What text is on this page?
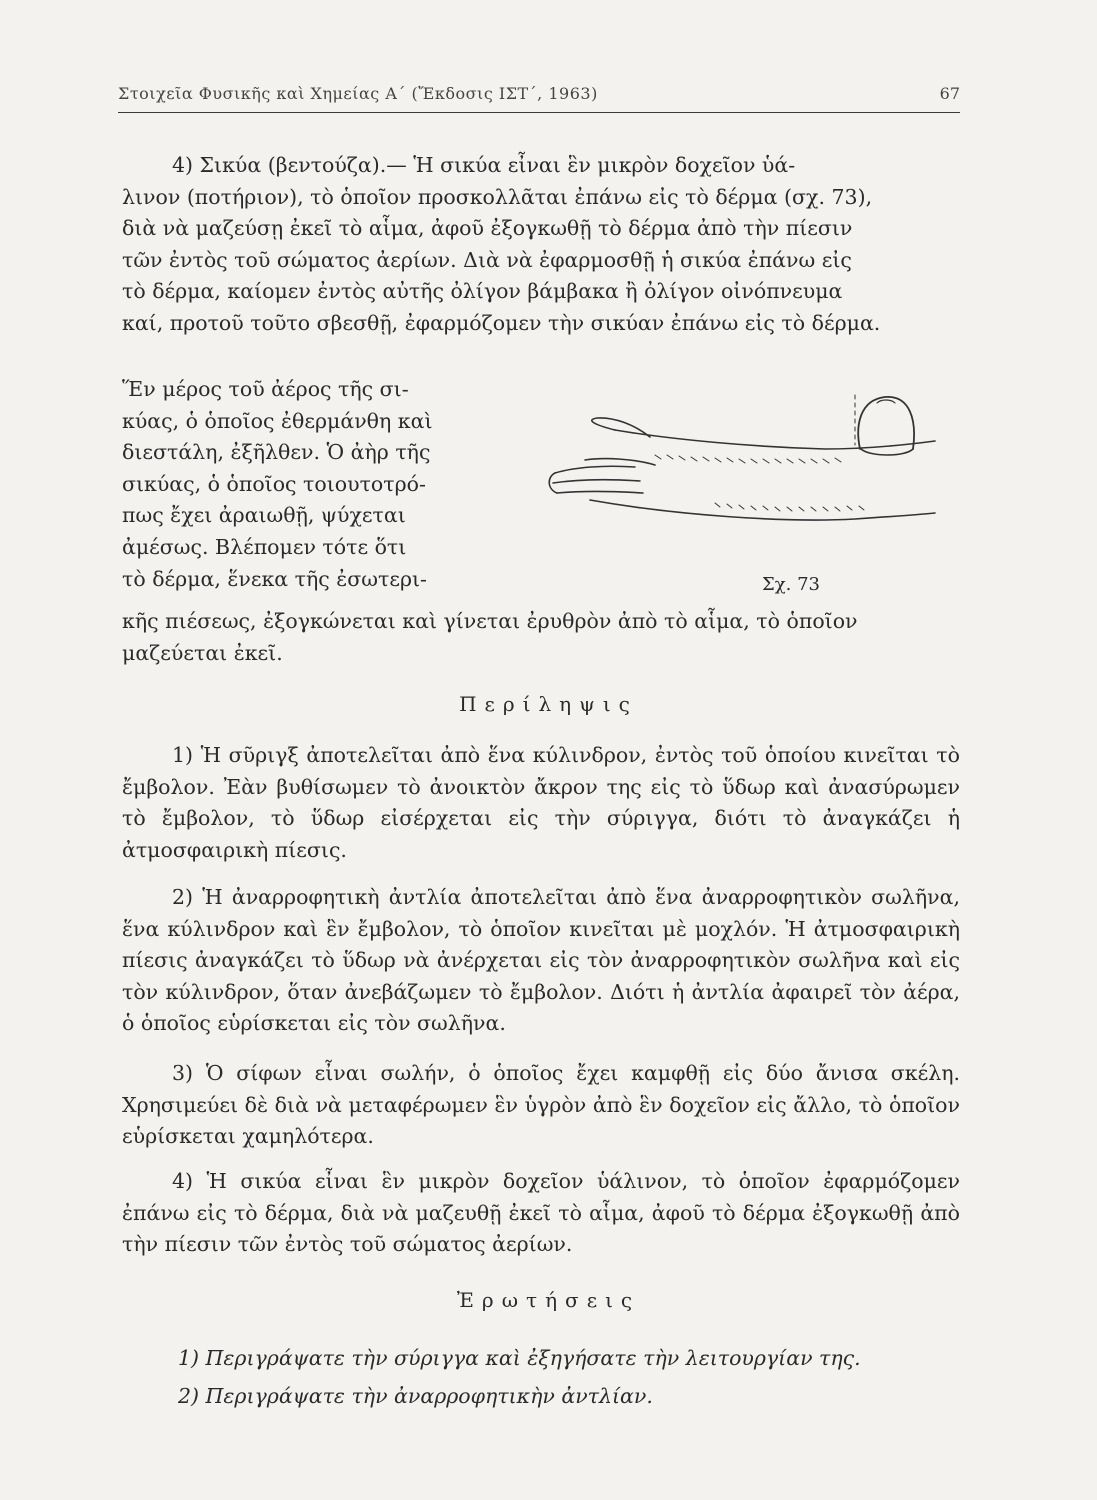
Στοιχεῖα Φυσικῆς καὶ Χημείας Α΄ (Ἔκδοσις ΙΣΤ΄, 1963)	67
4) Σικύα (βεντούζα).— Ἡ σικύα εἶναι ἓν μικρὸν δοχεῖον ὑά-
λινον (ποτήριον), τὸ ὁποῖον προσκολλᾶται ἐπάνω εἰς τὸ δέρμα (σχ. 73),
διὰ νὰ μαζεύσῃ ἐκεῖ τὸ αἷμα, ἀφοῦ ἐξογκωθῇ τὸ δέρμα ἀπὸ τὴν πίεσιν
τῶν ἐντὸς τοῦ σώματος ἀερίων. Διὰ νὰ ἐφαρμοσθῇ ἡ σικύα ἐπάνω εἰς
τὸ δέρμα, καίομεν ἐντὸς αὐτῆς ὀλίγον βάμβακα ἢ ὀλίγον οἰνόπνευμα
καί, προτοῦ τοῦτο σβεσθῇ, ἐφαρμόζομεν τὴν σικύαν ἐπάνω εἰς τὸ δέρμα.
Ἕν μέρος τοῦ ἀέρος τῆς σι-
κύας, ὁ ὁποῖος ἐθερμάνθη καὶ
διεστάλη, ἐξῆλθεν. Ὁ ἀὴρ τῆς
σικύας, ὁ ὁποῖος τοιουτοτρό-
πως ἔχει ἀραιωθῇ, ψύχεται
ἀμέσως. Βλέπομεν τότε ὅτι
τὸ δέρμα, ἕνεκα τῆς ἐσωτερι-	Σχ. 73
κῆς πιέσεως, ἐξογκώνεται καὶ γίνεται ἐρυθρὸν ἀπὸ τὸ αἷμα, τὸ ὁποῖον
μαζεύεται ἐκεῖ.
Περίληψις

1) Ἡ σῦριγξ ἀποτελεῖται ἀπὸ ἕνα κύλινδρον, ἐντὸς τοῦ ὁποίου κινεῖται τὸ ἔμβολον. Ἐὰν βυθίσωμεν τὸ ἀνοικτὸν ἄκρον της εἰς τὸ ὕδωρ καὶ ἀνασύρωμεν τὸ ἔμβολον, τὸ ὕδωρ εἰσέρχεται εἰς τὴν σύριγγα, διότι τὸ ἀναγκάζει ἡ ἀτμοσφαιρικὴ πίεσις.

2) Ἡ ἀναρροφητικὴ ἀντλία ἀποτελεῖται ἀπὸ ἕνα ἀναρροφητικὸν σωλῆνα, ἕνα κύλινδρον καὶ ἓν ἔμβολον, τὸ ὁποῖον κινεῖται μὲ μοχλόν. Ἡ ἀτμοσφαιρικὴ πίεσις ἀναγκάζει τὸ ὕδωρ νὰ ἀνέρχεται εἰς τὸν ἀναρροφητικὸν σωλῆνα καὶ εἰς τὸν κύλινδρον, ὅταν ἀνεβάζωμεν τὸ ἔμβολον. Διότι ἡ ἀντλία ἀφαιρεῖ τὸν ἀέρα, ὁ ὁποῖος εὑρίσκεται εἰς τὸν σωλῆνα.

3) Ὁ σίφων εἶναι σωλήν, ὁ ὁποῖος ἔχει καμφθῇ εἰς δύο ἄνισα σκέλη. Χρησιμεύει δὲ διὰ νὰ μεταφέρωμεν ἓν ὑγρὸν ἀπὸ ἓν δοχεῖον εἰς ἄλλο, τὸ ὁποῖον εὑρίσκεται χαμηλότερα.

4) Ἡ σικύα εἶναι ἓν μικρὸν δοχεῖον ὑάλινον, τὸ ὁποῖον ἐφαρμόζομεν ἐπάνω εἰς τὸ δέρμα, διὰ νὰ μαζευθῇ ἐκεῖ τὸ αἷμα, ἀφοῦ τὸ δέρμα ἐξογκωθῇ ἀπὸ τὴν πίεσιν τῶν ἐντὸς τοῦ σώματος ἀερίων.

Ἐρωτήσεις
1) Περιγράψατε τὴν σύριγγα καὶ ἐξηγήσατε τὴν λειτουργίαν της.
2) Περιγράψατε τὴν ἀναρροφητικὴν ἀντλίαν.
